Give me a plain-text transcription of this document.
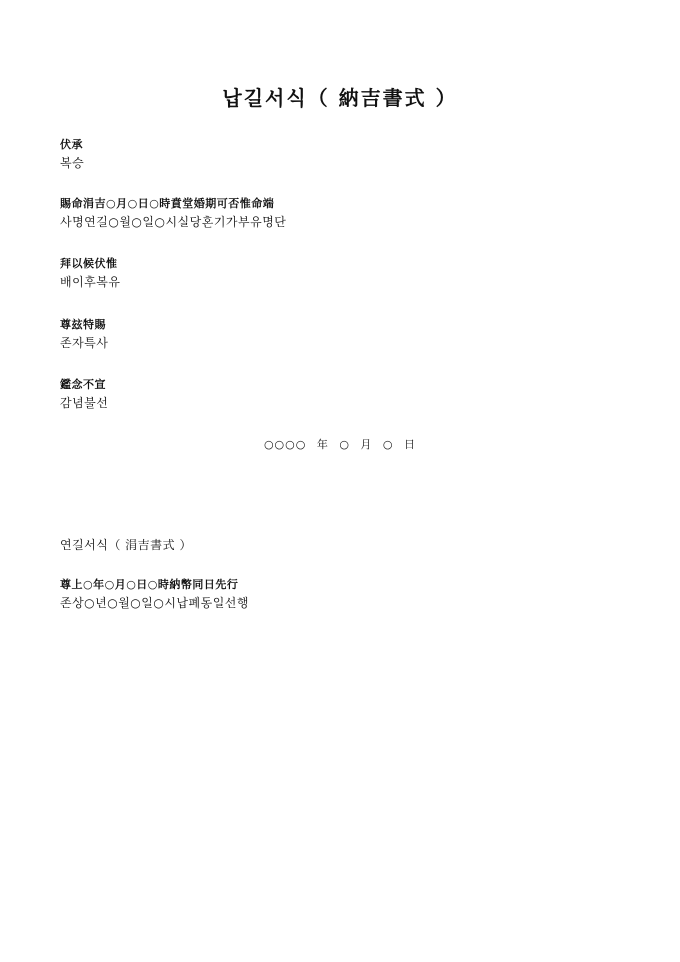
납길서식（ 納吉書式 ）
伏承
복승
賜命涓吉○月○日○時賁堂婚期可否惟命端
사명연길○월○일○시실당혼기가부유명단
拜以候伏惟
배이후복유
尊玆特賜
존자특사
鑑念不宣
감념불선
○○○○ 年 ○ 月 ○ 日
연길서식（ 涓吉書式 ）
尊上○年○月○日○時納幣同日先行
존상○년○월○일○시납폐동일선행
